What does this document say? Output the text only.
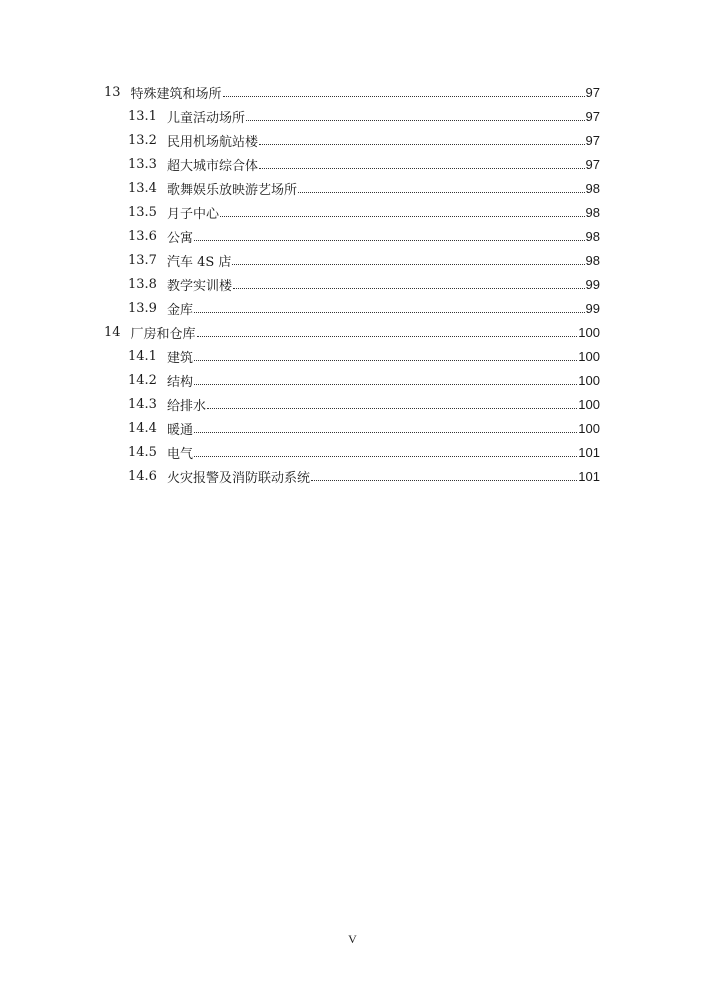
13 特殊建筑和场所	97
13.1 儿童活动场所	97
13.2 民用机场航站楼	97
13.3 超大城市综合体	97
13.4 歌舞娱乐放映游艺场所	98
13.5 月子中心	98
13.6 公寓	98
13.7 汽车 4S 店	98
13.8 教学实训楼	99
13.9 金库	99
14 厂房和仓库	100
14.1 建筑	100
14.2 结构	100
14.3 给排水	100
14.4 暖通	100
14.5 电气	101
14.6 火灾报警及消防联动系统	101
V
